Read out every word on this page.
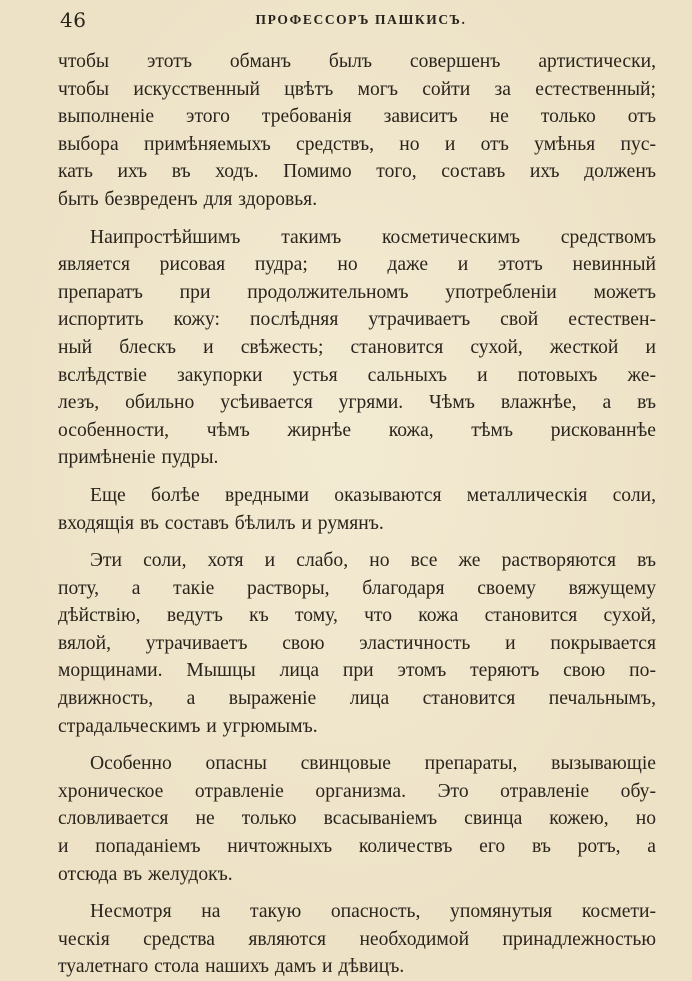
46	ПРОФЕССОРЪ ПАШКИСЪ.
чтобы этотъ обманъ былъ совершенъ артистически,
чтобы искусственный цвѣтъ могъ сойти за естественный;
выполненіе этого требованія зависитъ не только отъ
выбора примѣняемыхъ средствъ, но и отъ умѣнья пус-
кать ихъ въ ходъ. Помимо того, составъ ихъ долженъ
быть безвреденъ для здоровья.
Наипростѣйшимъ такимъ косметическимъ средствомъ
является рисовая пудра; но даже и этотъ невинный
препаратъ при продолжительномъ употребленіи можетъ
испортить кожу: послѣдняя утрачиваетъ свой естествен-
ный блескъ и свѣжесть; становится сухой, жесткой и
вслѣдствіе закупорки устья сальныхъ и потовыхъ же-
лезъ, обильно усѣивается угрями. Чѣмъ влажнѣе, а въ
особенности, чѣмъ жирнѣе кожа, тѣмъ рискованнѣе
примѣненіе пудры.
Еще болѣе вредными оказываются металлическія соли,
входящія въ составъ бѣлилъ и румянъ.
Эти соли, хотя и слабо, но все же растворяются въ
поту, а такіе растворы, благодаря своему вяжущему
дѣйствію, ведутъ къ тому, что кожа становится сухой,
вялой, утрачиваетъ свою эластичность и покрывается
морщинами. Мышцы лица при этомъ теряютъ свою по-
движность, а выраженіе лица становится печальнымъ,
страдальческимъ и угрюмымъ.
Особенно опасны свинцовые препараты, вызывающіе
хроническое отравленіе организма. Это отравленіе обу-
словливается не только всасываніемъ свинца кожею, но
и попаданіемъ ничтожныхъ количествъ его въ ротъ, а
отсюда въ желудокъ.
Несмотря на такую опасность, упомянутыя космети-
ческія средства являются необходимой принадлежностью
туалетнаго стола нашихъ дамъ и дѣвицъ.
